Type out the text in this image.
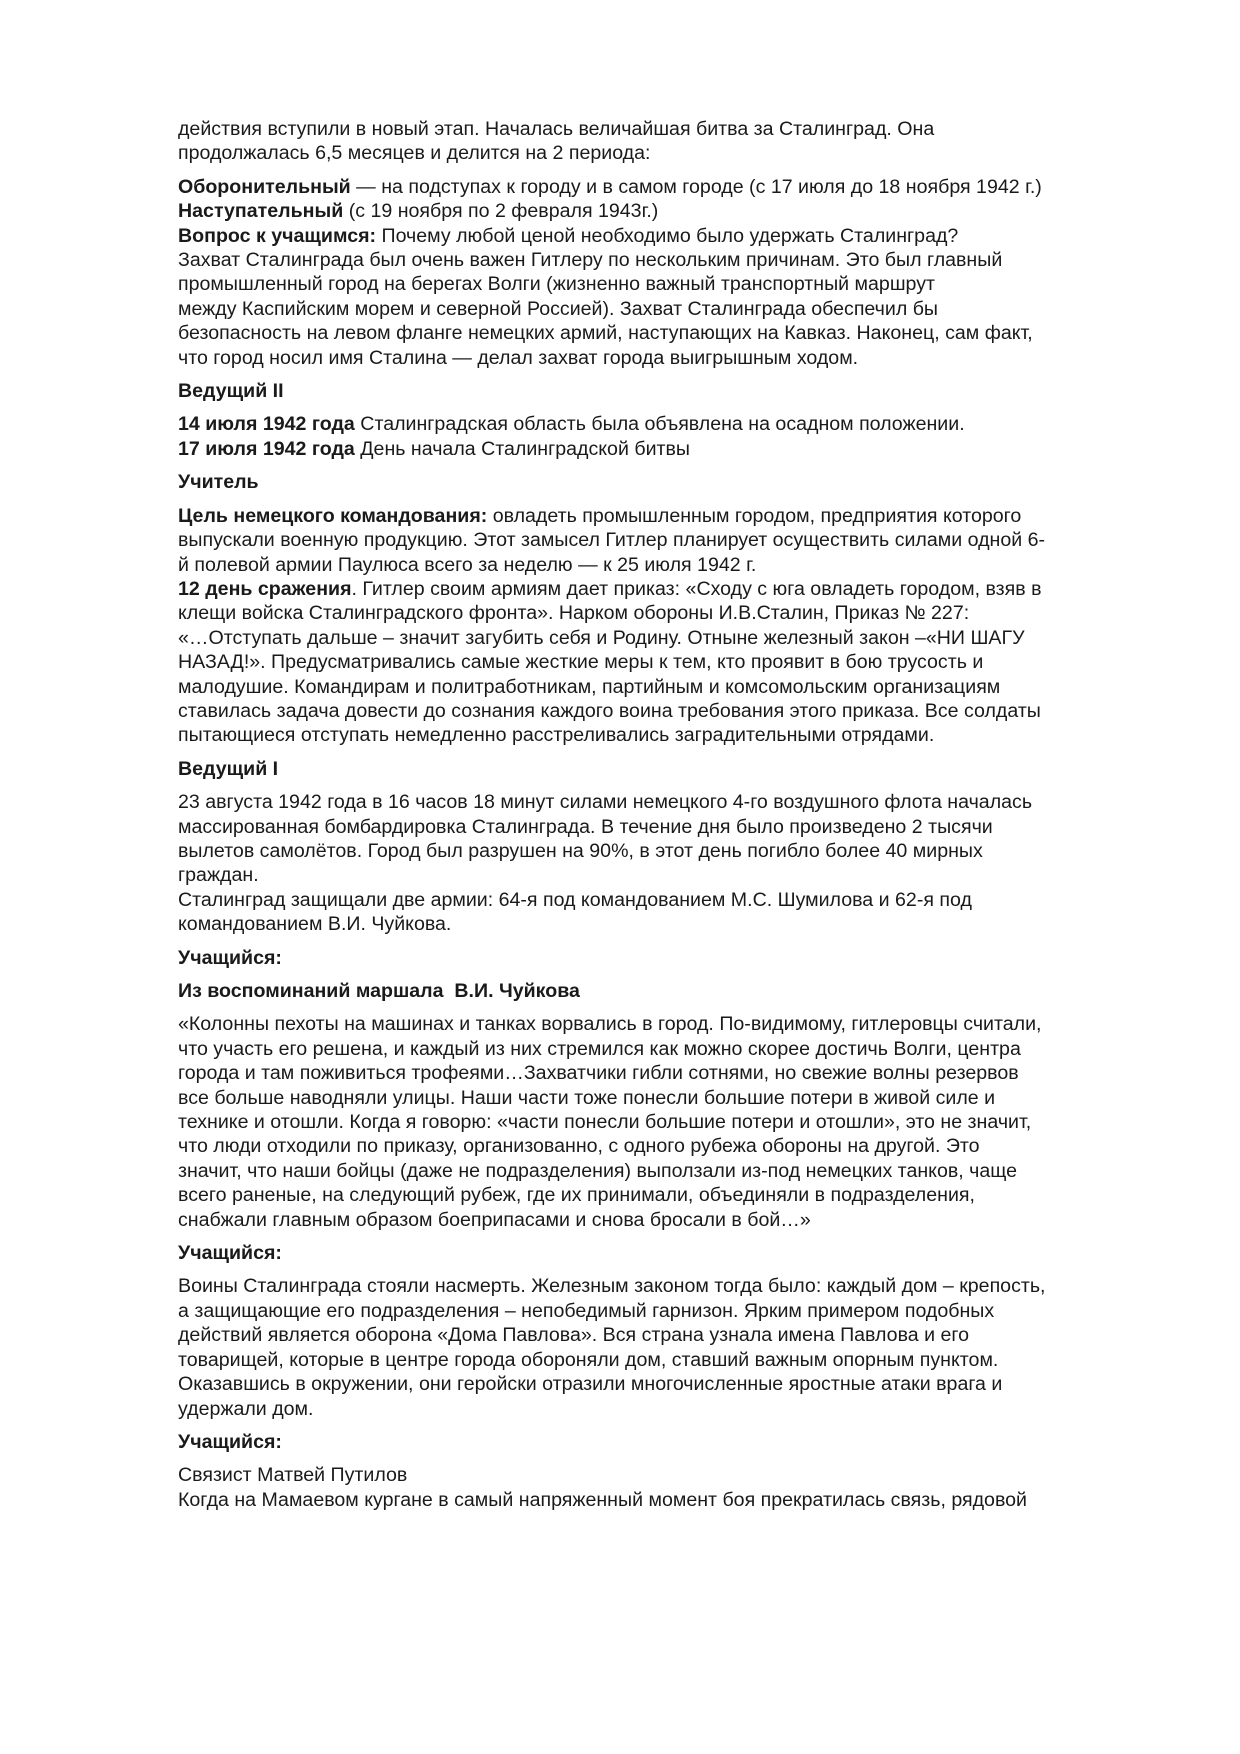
действия вступили в новый этап. Началась величайшая битва за Сталинград. Она
продолжалась 6,5 месяцев и делится на 2 периода:

Оборонительный — на подступах к городу и в самом городе (с 17 июля до 18 ноября 1942 г.)
Наступательный (с 19 ноября по 2 февраля 1943г.)
Вопрос к учащимся: Почему любой ценой необходимо было удержать Сталинград?
Захват Сталинграда был очень важен Гитлеру по нескольким причинам. Это был главный
промышленный город на берегах Волги (жизненно важный транспортный маршрут
между Каспийским морем и северной Россией). Захват Сталинграда обеспечил бы
безопасность на левом фланге немецких армий, наступающих на Кавказ. Наконец, сам факт,
что город носил имя Сталина — делал захват города выигрышным ходом.

Ведущий II

14 июля 1942 года Сталинградская область была объявлена на осадном положении.
17 июля 1942 года День начала Сталинградской битвы

Учитель

Цель немецкого командования: овладеть промышленным городом, предприятия которого
выпускали военную продукцию. Этот замысел Гитлер планирует осуществить силами одной 6-
й полевой армии Паулюса всего за неделю — к 25 июля 1942 г.
12 день сражения. Гитлер своим армиям дает приказ: «Сходу с юга овладеть городом, взяв в
клещи войска Сталинградского фронта». Нарком обороны И.В.Сталин, Приказ № 227:
«…Отступать дальше – значит загубить себя и Родину. Отныне железный закон –«НИ ШАГУ
НАЗАД!». Предусматривались самые жесткие меры к тем, кто проявит в бою трусость и
малодушие. Командирам и политработникам, партийным и комсомольским организациям
ставилась задача довести до сознания каждого воина требования этого приказа. Все солдаты
пытающиеся отступать немедленно расстреливались заградительными отрядами.

Ведущий I

23 августа 1942 года в 16 часов 18 минут силами немецкого 4-го воздушного флота началась
массированная бомбардировка Сталинграда. В течение дня было произведено 2 тысячи
вылетов самолётов. Город был разрушен на 90%, в этот день погибло более 40 мирных
граждан.
Сталинград защищали две армии: 64-я под командованием М.С. Шумилова и 62-я под
командованием В.И. Чуйкова.

Учащийся:

Из воспоминаний маршала  В.И. Чуйкова

«Колонны пехоты на машинах и танках ворвались в город. По-видимому, гитлеровцы считали,
что участь его решена, и каждый из них стремился как можно скорее достичь Волги, центра
города и там поживиться трофеями…Захватчики гибли сотнями, но свежие волны резервов
все больше наводняли улицы. Наши части тоже понесли большие потери в живой силе и
технике и отошли. Когда я говорю: «части понесли большие потери и отошли», это не значит,
что люди отходили по приказу, организованно, с одного рубежа обороны на другой. Это
значит, что наши бойцы (даже не подразделения) выползали из-под немецких танков, чаще
всего раненые, на следующий рубеж, где их принимали, объединяли в подразделения,
снабжали главным образом боеприпасами и снова бросали в бой…»

Учащийся:

Воины Сталинграда стояли насмерть. Железным законом тогда было: каждый дом – крепость,
а защищающие его подразделения – непобедимый гарнизон. Ярким примером подобных
действий является оборона «Дома Павлова». Вся страна узнала имена Павлова и его
товарищей, которые в центре города обороняли дом, ставший важным опорным пунктом.
Оказавшись в окружении, они геройски отразили многочисленные яростные атаки врага и
удержали дом.

Учащийся:

Связист Матвей Путилов
Когда на Мамаевом кургане в самый напряженный момент боя прекратилась связь, рядовой
